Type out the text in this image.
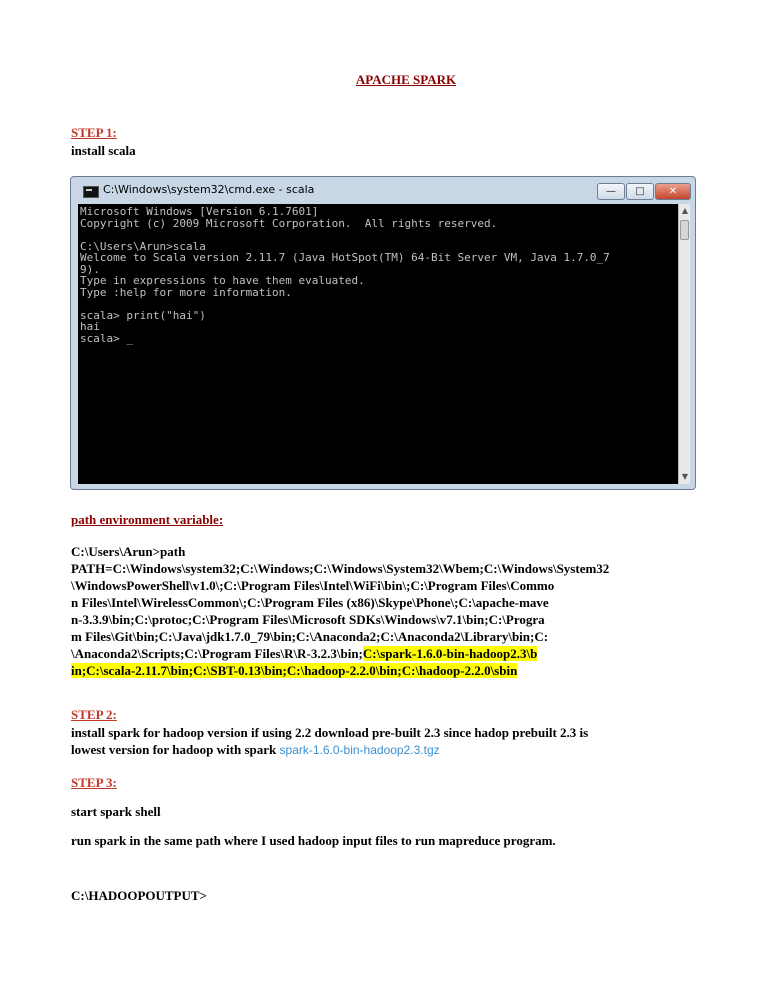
APACHE SPARK
STEP 1:
install scala
C:\Windows\system32\cmd.exe - scala	—	□	✕
Microsoft Windows [Version 6.1.7601]
Copyright (c) 2009 Microsoft Corporation.  All rights reserved.

C:\Users\Arun>scala
Welcome to Scala version 2.11.7 (Java HotSpot(TM) 64-Bit Server VM, Java 1.7.0_7
9).
Type in expressions to have them evaluated.
Type :help for more information.

scala> print("hai")
hai
scala> _
▲
▼
path environment variable:
C:\Users\Arun>path
PATH=C:\Windows\system32;C:\Windows;C:\Windows\System32\Wbem;C:\Windows\System32
\WindowsPowerShell\v1.0\;C:\Program Files\Intel\WiFi\bin\;C:\Program Files\Commo
n Files\Intel\WirelessCommon\;C:\Program Files (x86)\Skype\Phone\;C:\apache-mave
n-3.3.9\bin;C:\protoc;C:\Program Files\Microsoft SDKs\Windows\v7.1\bin;C:\Progra
m Files\Git\bin;C:\Java\jdk1.7.0_79\bin;C:\Anaconda2;C:\Anaconda2\Library\bin;C:
\Anaconda2\Scripts;C:\Program Files\R\R-3.2.3\bin;C:\spark-1.6.0-bin-hadoop2.3\b
in;C:\scala-2.11.7\bin;C:\SBT-0.13\bin;C:\hadoop-2.2.0\bin;C:\hadoop-2.2.0\sbin
STEP 2:
install spark for hadoop version if using 2.2 download pre-built 2.3 since hadop prebuilt 2.3 is
lowest version for hadoop with spark spark-1.6.0-bin-hadoop2.3.tgz
STEP 3:
start spark shell
run spark in the same path where I used hadoop input files to run mapreduce program.
C:\HADOOPOUTPUT>
